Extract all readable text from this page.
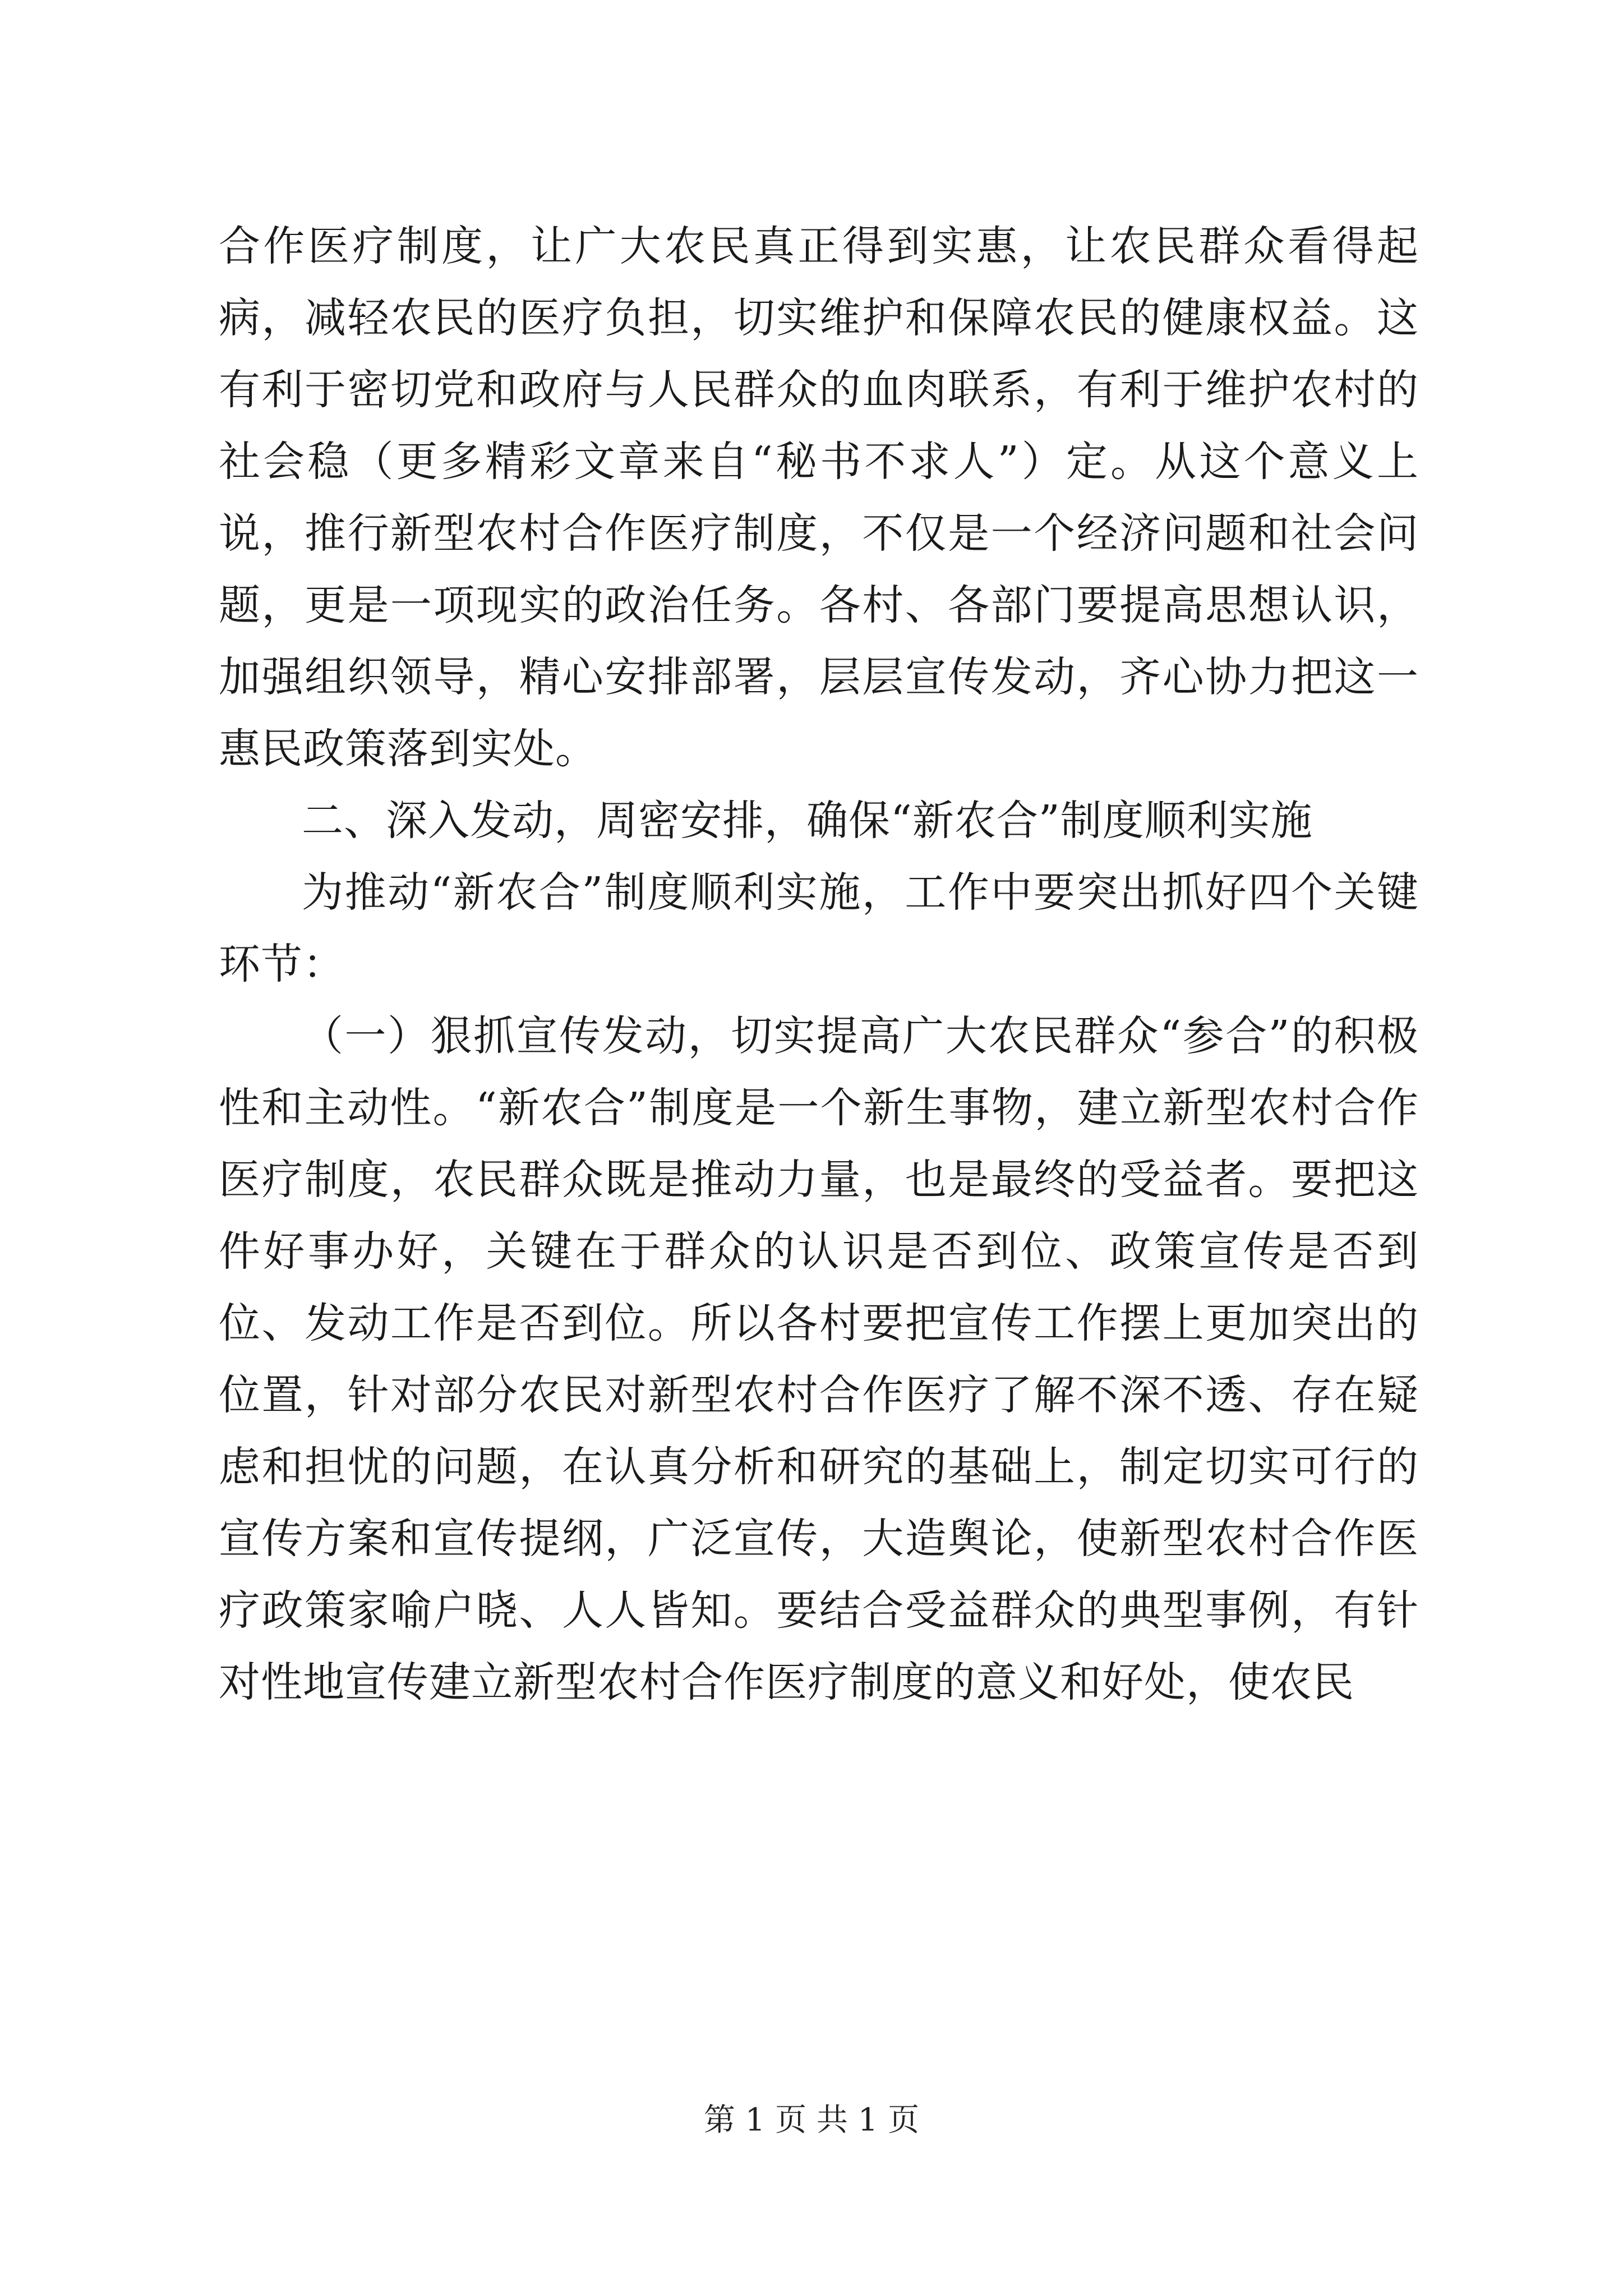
合作医疗制度，让广大农民真正得到实惠，让农民群众看得起病，减轻农民的医疗负担，切实维护和保障农民的健康权益。这有利于密切党和政府与人民群众的血肉联系，有利于维护农村的社会稳（更多精彩文章来自“秘书不求人”）定。从这个意义上说，推行新型农村合作医疗制度，不仅是一个经济问题和社会问题，更是一项现实的政治任务。各村、各部门要提高思想认识，加强组织领导，精心安排部署，层层宣传发动，齐心协力把这一惠民政策落到实处。

二、深入发动，周密安排，确保“新农合”制度顺利实施

为推动“新农合”制度顺利实施，工作中要突出抓好四个关键环节：

（一）狠抓宣传发动，切实提高广大农民群众“参合”的积极性和主动性。“新农合”制度是一个新生事物，建立新型农村合作医疗制度，农民群众既是推动力量，也是最终的受益者。要把这件好事办好，关键在于群众的认识是否到位、政策宣传是否到位、发动工作是否到位。所以各村要把宣传工作摆上更加突出的位置，针对部分农民对新型农村合作医疗了解不深不透、存在疑虑和担忧的问题，在认真分析和研究的基础上，制定切实可行的宣传方案和宣传提纲，广泛宣传，大造舆论，使新型农村合作医疗政策家喻户晓、人人皆知。要结合受益群众的典型事例，有针对性地宣传建立新型农村合作医疗制度的意义和好处，使农民

第 1 页 共 1 页
